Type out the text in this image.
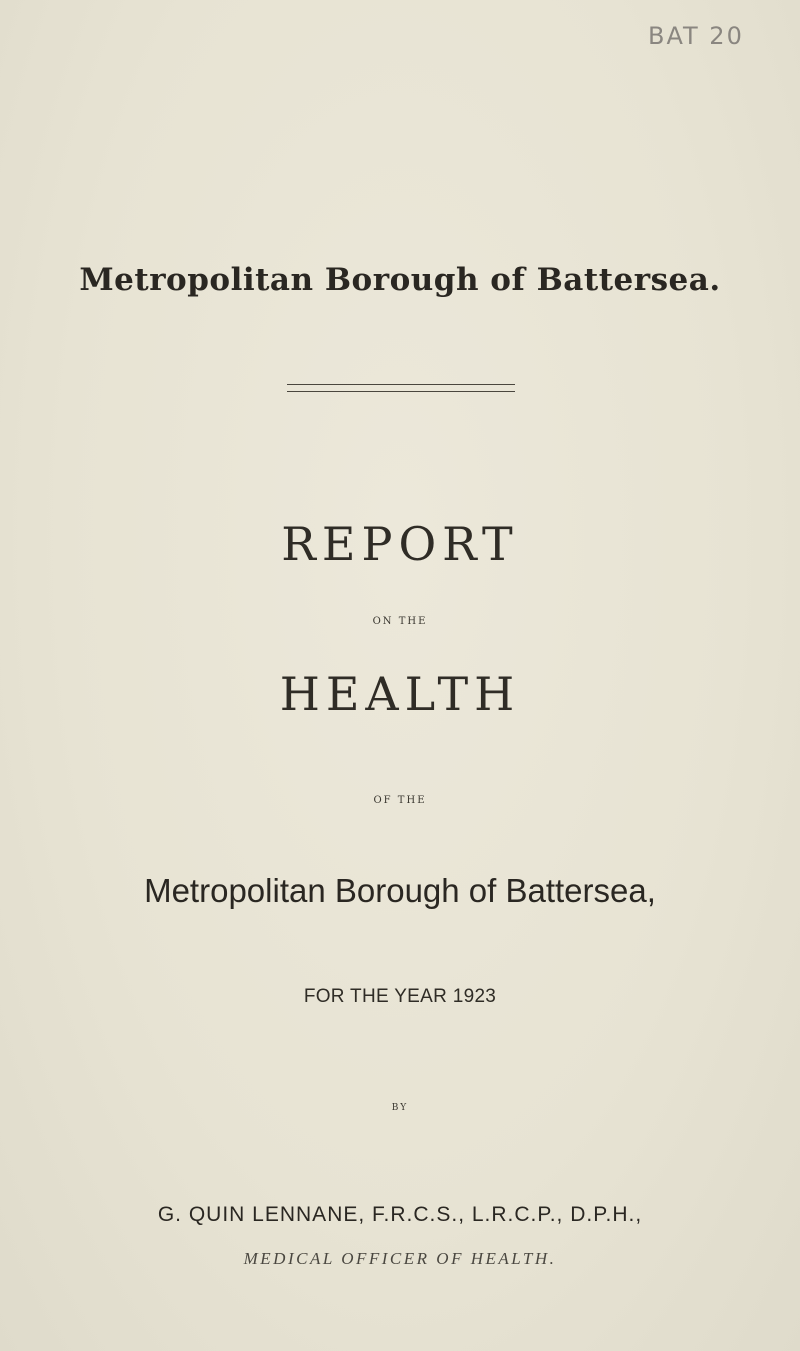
BAT 20
Metropolitan Borough of Battersea.
REPORT
ON THE
HEALTH
OF THE
Metropolitan Borough of Battersea,
FOR THE YEAR 1923
BY
G. QUIN LENNANE, F.R.C.S., L.R.C.P., D.P.H.,
MEDICAL OFFICER OF HEALTH.
